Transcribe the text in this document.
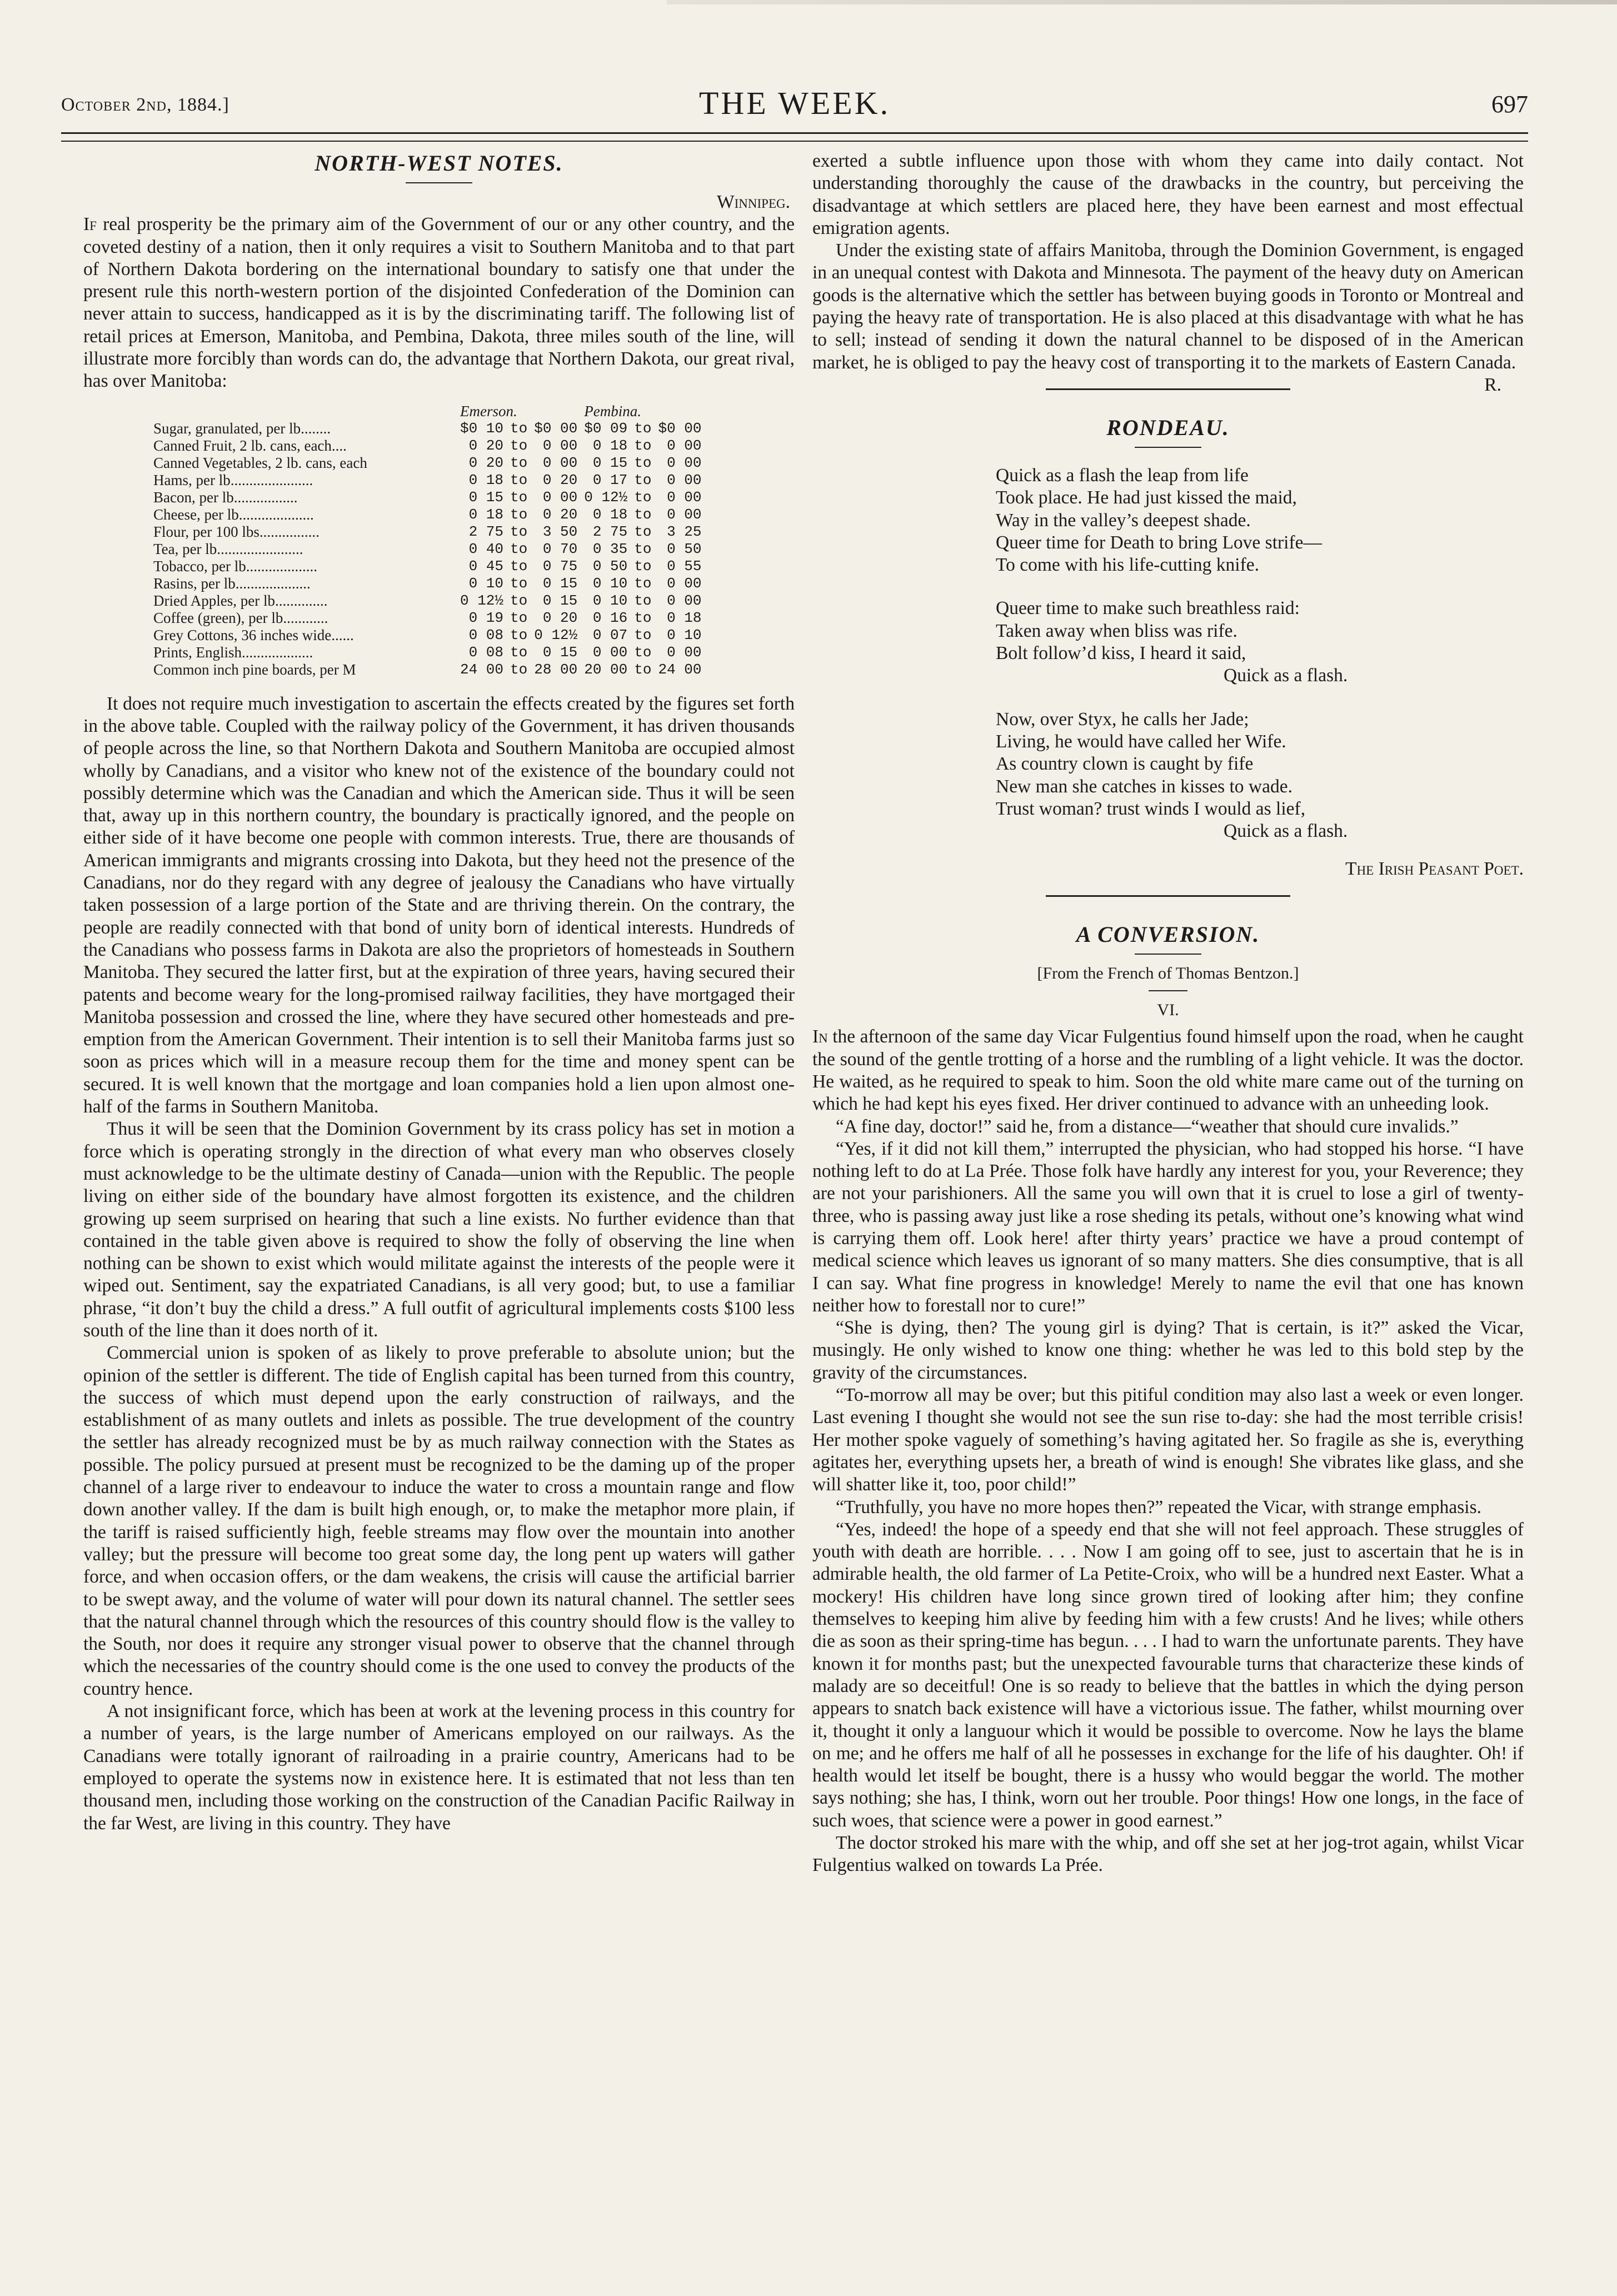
October 2nd, 1884.]	THE WEEK.	697
NORTH-WEST NOTES.

Winnipeg.

If real prosperity be the primary aim of the Government of our or any other country, and the coveted destiny of a nation, then it only requires a visit to Southern Manitoba and to that part of Northern Dakota bordering on the international boundary to satisfy one that under the present rule this north-western portion of the disjointed Confederation of the Dominion can never attain to success, handicapped as it is by the discriminating tariff. The following list of retail prices at Emerson, Manitoba, and Pembina, Dakota, three miles south of the line, will illustrate more forcibly than words can do, the advantage that Northern Dakota, our great rival, has over Manitoba:

	Emerson.			Pembina.		
Sugar, granulated, per lb........	$0 10	to	$0 00	$0 09	to	$0 00
Canned Fruit, 2 lb. cans, each....	0 20	to	0 00	0 18	to	0 00
Canned Vegetables, 2 lb. cans, each	0 20	to	0 00	0 15	to	0 00
Hams, per lb......................	0 18	to	0 20	0 17	to	0 00
Bacon, per lb.................	0 15	to	0 00	0 12½	to	0 00
Cheese, per lb....................	0 18	to	0 20	0 18	to	0 00
Flour, per 100 lbs................	2 75	to	3 50	2 75	to	3 25
Tea, per lb.......................	0 40	to	0 70	0 35	to	0 50
Tobacco, per lb...................	0 45	to	0 75	0 50	to	0 55
Rasins, per lb....................	0 10	to	0 15	0 10	to	0 00
Dried Apples, per lb..............	0 12½	to	0 15	0 10	to	0 00
Coffee (green), per lb............	0 19	to	0 20	0 16	to	0 18
Grey Cottons, 36 inches wide......	0 08	to	0 12½	0 07	to	0 10
Prints, English...................	0 08	to	0 15	0 00	to	0 00
Common inch pine boards, per M	24 00	to	28 00	20 00	to	24 00

It does not require much investigation to ascertain the effects created by the figures set forth in the above table. Coupled with the railway policy of the Government, it has driven thousands of people across the line, so that Northern Dakota and Southern Manitoba are occupied almost wholly by Canadians, and a visitor who knew not of the existence of the boundary could not possibly determine which was the Canadian and which the American side. Thus it will be seen that, away up in this northern country, the boundary is practically ignored, and the people on either side of it have become one people with common interests. True, there are thousands of American immigrants and migrants crossing into Dakota, but they heed not the presence of the Canadians, nor do they regard with any degree of jealousy the Canadians who have virtually taken possession of a large portion of the State and are thriving therein. On the contrary, the people are readily connected with that bond of unity born of identical interests. Hundreds of the Canadians who possess farms in Dakota are also the proprietors of homesteads in Southern Manitoba. They secured the latter first, but at the expiration of three years, having secured their patents and become weary for the long-promised railway facilities, they have mortgaged their Manitoba possession and crossed the line, where they have secured other homesteads and pre-emption from the American Government. Their intention is to sell their Manitoba farms just so soon as prices which will in a measure recoup them for the time and money spent can be secured. It is well known that the mortgage and loan companies hold a lien upon almost one-half of the farms in Southern Manitoba.

Thus it will be seen that the Dominion Government by its crass policy has set in motion a force which is operating strongly in the direction of what every man who observes closely must acknowledge to be the ultimate destiny of Canada—union with the Republic. The people living on either side of the boundary have almost forgotten its existence, and the children growing up seem surprised on hearing that such a line exists. No further evidence than that contained in the table given above is required to show the folly of observing the line when nothing can be shown to exist which would militate against the interests of the people were it wiped out. Sentiment, say the expatriated Canadians, is all very good; but, to use a familiar phrase, “it don’t buy the child a dress.” A full outfit of agricultural implements costs $100 less south of the line than it does north of it.

Commercial union is spoken of as likely to prove preferable to absolute union; but the opinion of the settler is different. The tide of English capital has been turned from this country, the success of which must depend upon the early construction of railways, and the establishment of as many outlets and inlets as possible. The true development of the country the settler has already recognized must be by as much railway connection with the States as possible. The policy pursued at present must be recognized to be the daming up of the proper channel of a large river to endeavour to induce the water to cross a mountain range and flow down another valley. If the dam is built high enough, or, to make the metaphor more plain, if the tariff is raised sufficiently high, feeble streams may flow over the mountain into another valley; but the pressure will become too great some day, the long pent up waters will gather force, and when occasion offers, or the dam weakens, the crisis will cause the artificial barrier to be swept away, and the volume of water will pour down its natural channel. The settler sees that the natural channel through which the resources of this country should flow is the valley to the South, nor does it require any stronger visual power to observe that the channel through which the necessaries of the country should come is the one used to convey the products of the country hence.

A not insignificant force, which has been at work at the levening process in this country for a number of years, is the large number of Americans employed on our railways. As the Canadians were totally ignorant of railroading in a prairie country, Americans had to be employed to operate the systems now in existence here. It is estimated that not less than ten thousand men, including those working on the construction of the Canadian Pacific Railway in the far West, are living in this country. They have

exerted a subtle influence upon those with whom they came into daily contact. Not understanding thoroughly the cause of the drawbacks in the country, but perceiving the disadvantage at which settlers are placed here, they have been earnest and most effectual emigration agents.

Under the existing state of affairs Manitoba, through the Dominion Government, is engaged in an unequal contest with Dakota and Minnesota. The payment of the heavy duty on American goods is the alternative which the settler has between buying goods in Toronto or Montreal and paying the heavy rate of transportation. He is also placed at this disadvantage with what he has to sell; instead of sending it down the natural channel to be disposed of in the American market, he is obliged to pay the heavy cost of transporting it to the markets of Eastern Canada.
R.

RONDEAU.
Quick as a flash the leap from life
Took place. He had just kissed the maid,
Way in the valley’s deepest shade.
Queer time for Death to bring Love strife—
To come with his life-cutting knife.
Queer time to make such breathless raid:
Taken away when bliss was rife.
Bolt follow’d kiss, I heard it said,
Quick as a flash.
Now, over Styx, he calls her Jade;
Living, he would have called her Wife.
As country clown is caught by fife
New man she catches in kisses to wade.
Trust woman? trust winds I would as lief,
Quick as a flash.

The Irish Peasant Poet.

A CONVERSION.
[From the French of Thomas Bentzon.]
VI.

In the afternoon of the same day Vicar Fulgentius found himself upon the road, when he caught the sound of the gentle trotting of a horse and the rumbling of a light vehicle. It was the doctor. He waited, as he required to speak to him. Soon the old white mare came out of the turning on which he had kept his eyes fixed. Her driver continued to advance with an unheeding look.

“A fine day, doctor!” said he, from a distance—“weather that should cure invalids.”

“Yes, if it did not kill them,” interrupted the physician, who had stopped his horse. “I have nothing left to do at La Prée. Those folk have hardly any interest for you, your Reverence; they are not your parishioners. All the same you will own that it is cruel to lose a girl of twenty-three, who is passing away just like a rose sheding its petals, without one’s knowing what wind is carrying them off. Look here! after thirty years’ practice we have a proud contempt of medical science which leaves us ignorant of so many matters. She dies consumptive, that is all I can say. What fine progress in knowledge! Merely to name the evil that one has known neither how to forestall nor to cure!”

“She is dying, then? The young girl is dying? That is certain, is it?” asked the Vicar, musingly. He only wished to know one thing: whether he was led to this bold step by the gravity of the circumstances.

“To-morrow all may be over; but this pitiful condition may also last a week or even longer. Last evening I thought she would not see the sun rise to-day: she had the most terrible crisis! Her mother spoke vaguely of something’s having agitated her. So fragile as she is, everything agitates her, everything upsets her, a breath of wind is enough! She vibrates like glass, and she will shatter like it, too, poor child!”

“Truthfully, you have no more hopes then?” repeated the Vicar, with strange emphasis.

“Yes, indeed! the hope of a speedy end that she will not feel approach. These struggles of youth with death are horrible. . . . Now I am going off to see, just to ascertain that he is in admirable health, the old farmer of La Petite-Croix, who will be a hundred next Easter. What a mockery! His children have long since grown tired of looking after him; they confine themselves to keeping him alive by feeding him with a few crusts! And he lives; while others die as soon as their spring-time has begun. . . . I had to warn the unfortunate parents. They have known it for months past; but the unexpected favourable turns that characterize these kinds of malady are so deceitful! One is so ready to believe that the battles in which the dying person appears to snatch back existence will have a victorious issue. The father, whilst mourning over it, thought it only a languour which it would be possible to overcome. Now he lays the blame on me; and he offers me half of all he possesses in exchange for the life of his daughter. Oh! if health would let itself be bought, there is a hussy who would beggar the world. The mother says nothing; she has, I think, worn out her trouble. Poor things! How one longs, in the face of such woes, that science were a power in good earnest.”

The doctor stroked his mare with the whip, and off she set at her jog-trot again, whilst Vicar Fulgentius walked on towards La Prée.
